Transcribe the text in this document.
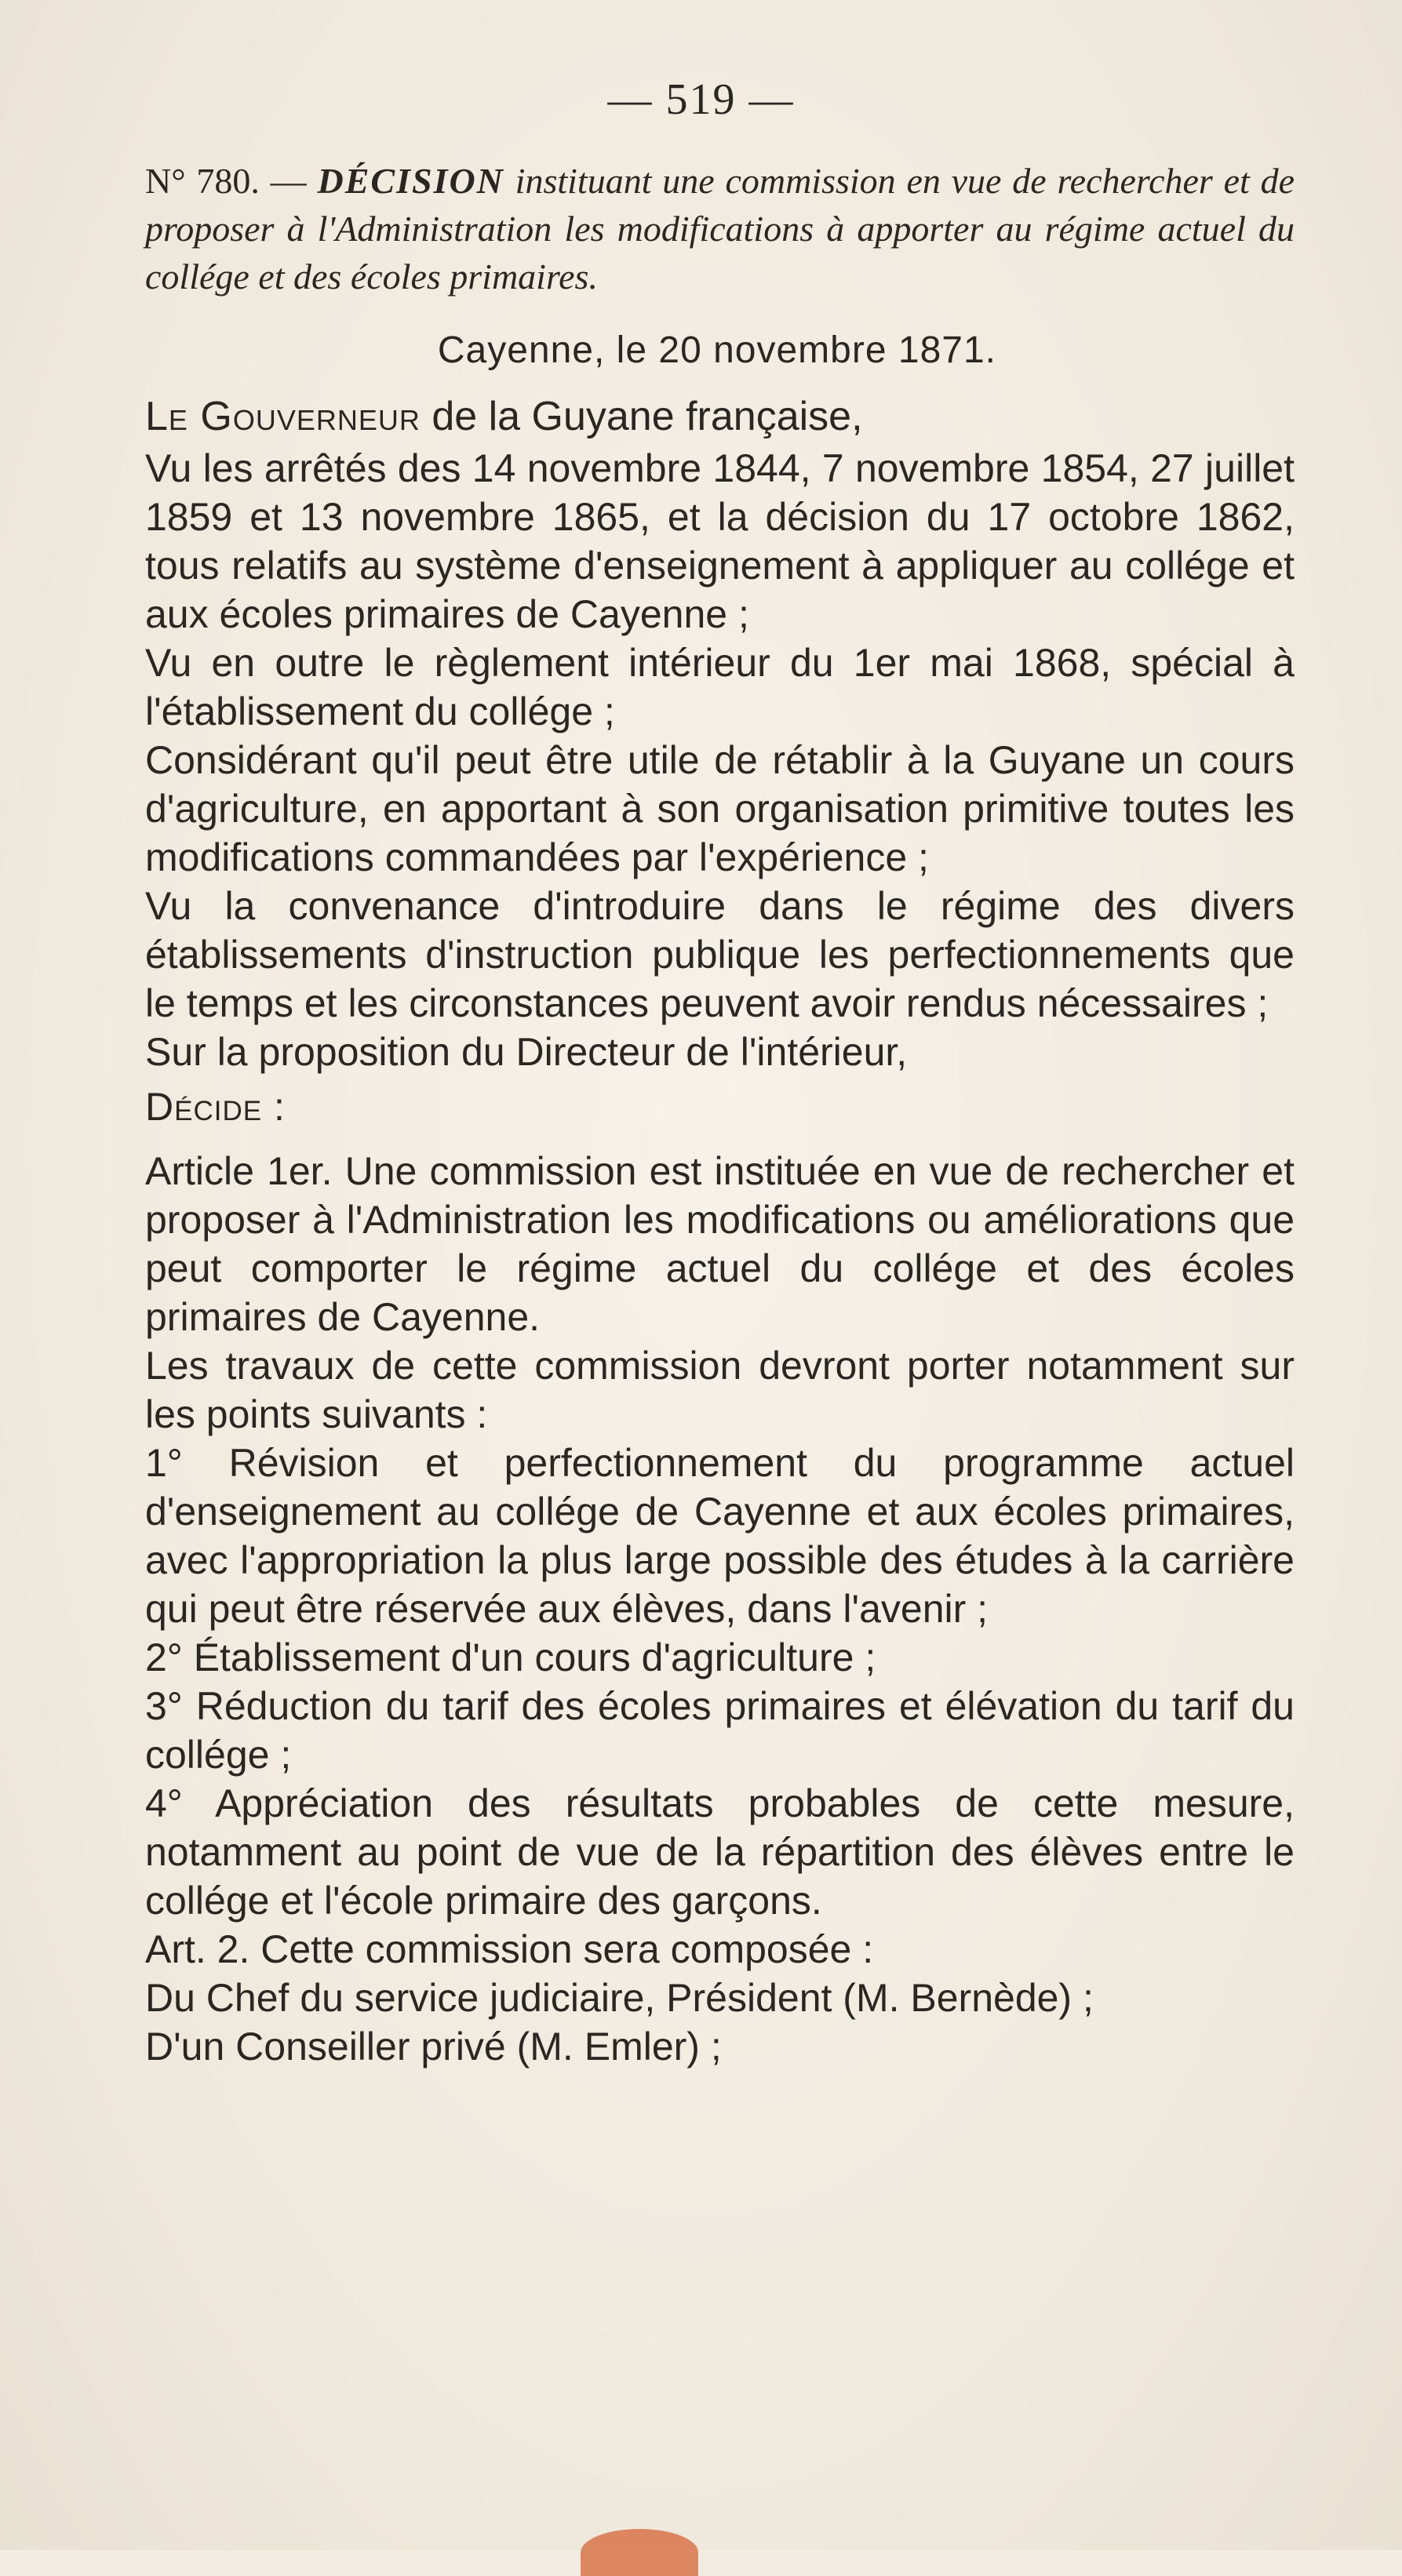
— 519 —

N° 780. — DÉCISION instituant une commission en vue de rechercher et de proposer à l'Administration les modifications à apporter au régime actuel du collége et des écoles primaires.

Cayenne, le 20 novembre 1871.

Le Gouverneur de la Guyane française,

Vu les arrêtés des 14 novembre 1844, 7 novembre 1854, 27 juillet 1859 et 13 novembre 1865, et la décision du 17 octobre 1862, tous relatifs au système d'enseignement à appliquer au collége et aux écoles primaires de Cayenne ;

Vu en outre le règlement intérieur du 1er mai 1868, spécial à l'établissement du collége ;

Considérant qu'il peut être utile de rétablir à la Guyane un cours d'agriculture, en apportant à son organisation primitive toutes les modifications commandées par l'expérience ;

Vu la convenance d'introduire dans le régime des divers établissements d'instruction publique les perfectionnements que le temps et les circonstances peuvent avoir rendus nécessaires ;

Sur la proposition du Directeur de l'intérieur,

Décide :

Article 1er. Une commission est instituée en vue de rechercher et proposer à l'Administration les modifications ou améliorations que peut comporter le régime actuel du collége et des écoles primaires de Cayenne.

Les travaux de cette commission devront porter notamment sur les points suivants :

1° Révision et perfectionnement du programme actuel d'enseignement au collége de Cayenne et aux écoles primaires, avec l'appropriation la plus large possible des études à la carrière qui peut être réservée aux élèves, dans l'avenir ;

2° Établissement d'un cours d'agriculture ;

3° Réduction du tarif des écoles primaires et élévation du tarif du collége ;

4° Appréciation des résultats probables de cette mesure, notamment au point de vue de la répartition des élèves entre le collége et l'école primaire des garçons.

Art. 2. Cette commission sera composée :

Du Chef du service judiciaire, Président (M. Bernède) ;

D'un Conseiller privé (M. Emler) ;
